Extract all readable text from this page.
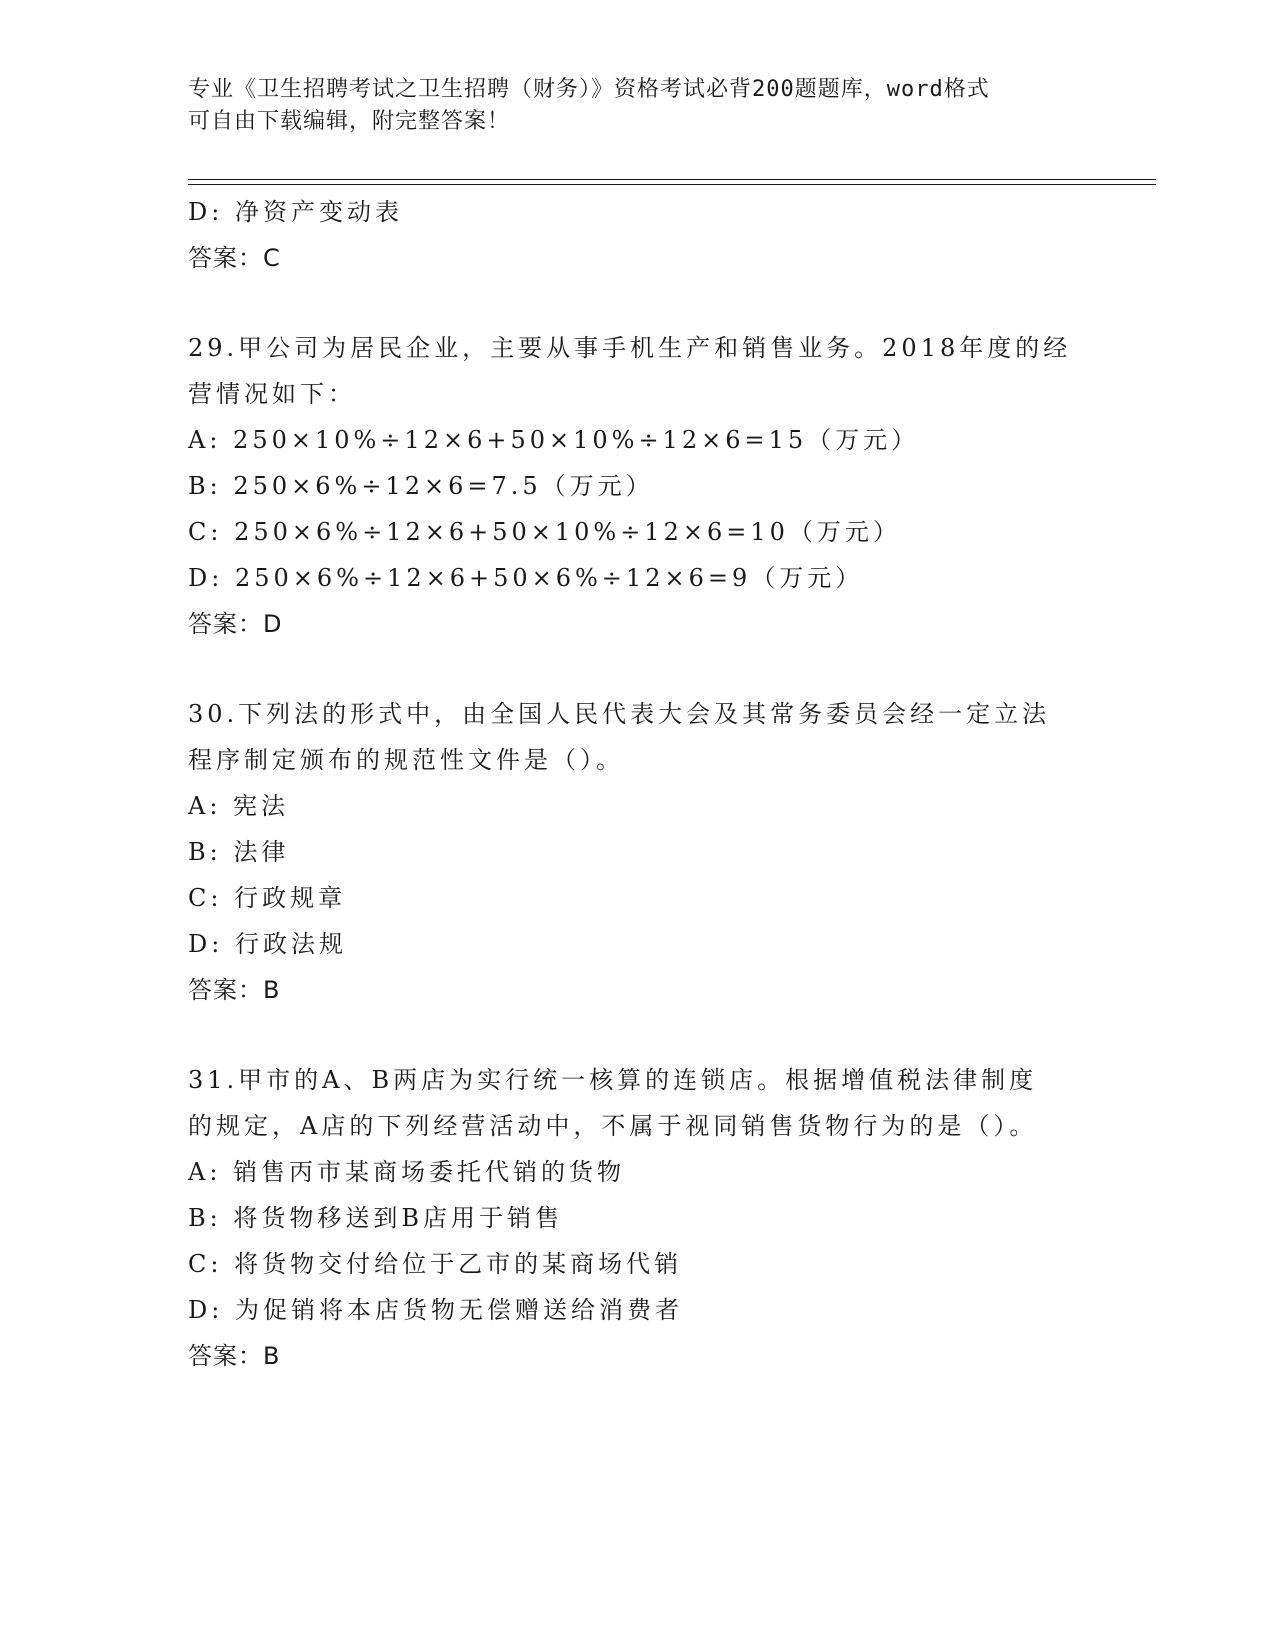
专业《卫生招聘考试之卫生招聘（财务）》资格考试必背200题题库，word格式
可自由下载编辑，附完整答案！
D: 净资产变动表
答案：C
29.甲公司为居民企业，主要从事手机生产和销售业务。2018年度的经
营情况如下：
A: 250×10%÷12×6+50×10%÷12×6=15（万元）
B: 250×6%÷12×6=7.5（万元）
C: 250×6%÷12×6+50×10%÷12×6=10（万元）
D: 250×6%÷12×6+50×6%÷12×6=9（万元）
答案：D
30.下列法的形式中，由全国人民代表大会及其常务委员会经一定立法
程序制定颁布的规范性文件是（）。
A: 宪法
B: 法律
C: 行政规章
D: 行政法规
答案：B
31.甲市的A、B两店为实行统一核算的连锁店。根据增值税法律制度
的规定，A店的下列经营活动中，不属于视同销售货物行为的是（）。
A: 销售丙市某商场委托代销的货物
B: 将货物移送到B店用于销售
C: 将货物交付给位于乙市的某商场代销
D: 为促销将本店货物无偿赠送给消费者
答案：B
